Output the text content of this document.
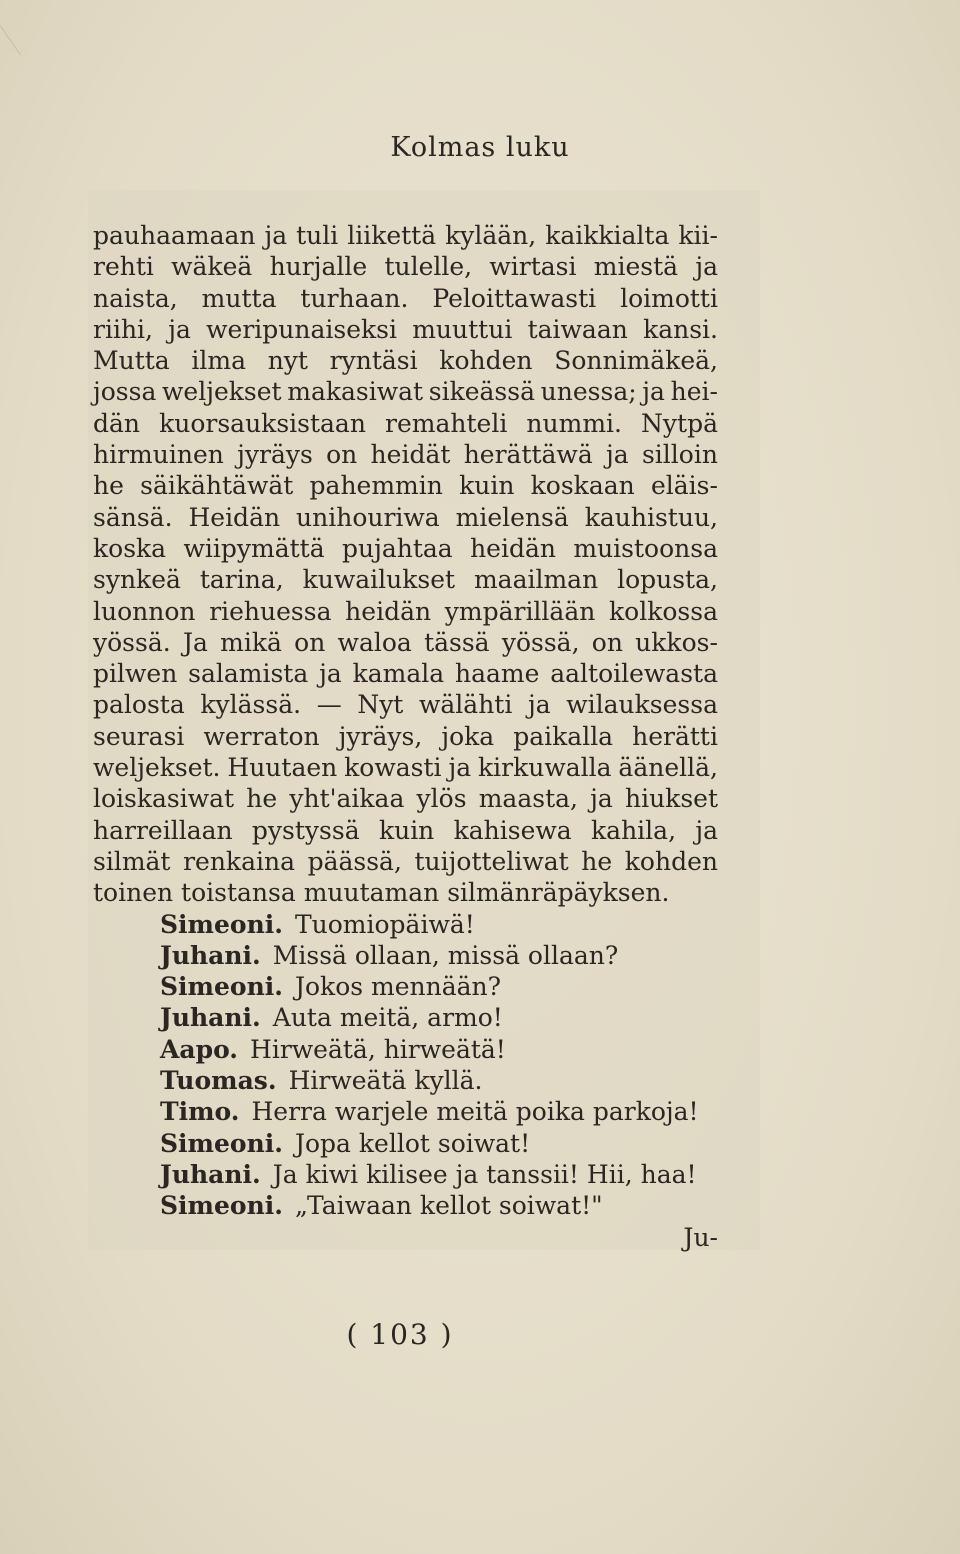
Kolmas luku
pauhaamaan ja tuli liikettä kylään, kaikkialta kii-
rehti wäkeä hurjalle tulelle, wirtasi miestä ja
naista, mutta turhaan. Peloittawasti loimotti
riihi, ja weripunaiseksi muuttui taiwaan kansi.
Mutta ilma nyt ryntäsi kohden Sonnimäkeä,
jossa weljekset makasiwat sikeässä unessa; ja hei-
dän kuorsauksistaan remahteli nummi. Nytpä
hirmuinen jyräys on heidät herättäwä ja silloin
he säikähtäwät pahemmin kuin koskaan eläis-
sänsä. Heidän unihouriwa mielensä kauhistuu,
koska wiipymättä pujahtaa heidän muistoonsa
synkeä tarina, kuwailukset maailman lopusta,
luonnon riehuessa heidän ympärillään kolkossa
yössä. Ja mikä on waloa tässä yössä, on ukkos-
pilwen salamista ja kamala haame aaltoilewasta
palosta kylässä. — Nyt wälähti ja wilauksessa
seurasi werraton jyräys, joka paikalla herätti
weljekset. Huutaen kowasti ja kirkuwalla äänellä,
loiskasiwat he yht'aikaa ylös maasta, ja hiukset
harreillaan pystyssä kuin kahisewa kahila, ja
silmät renkaina päässä, tuijotteliwat he kohden
toinen toistansa muutaman silmänräpäyksen.
Simeoni. Tuomiopäiwä!
Juhani. Missä ollaan, missä ollaan?
Simeoni. Jokos mennään?
Juhani. Auta meitä, armo!
Aapo. Hirweätä, hirweätä!
Tuomas. Hirweätä kyllä.
Timo. Herra warjele meitä poika parkoja!
Simeoni. Jopa kellot soiwat!
Juhani. Ja kiwi kilisee ja tanssii! Hii, haa!
Simeoni. „Taiwaan kellot soiwat!"
Ju-
( 103 )
